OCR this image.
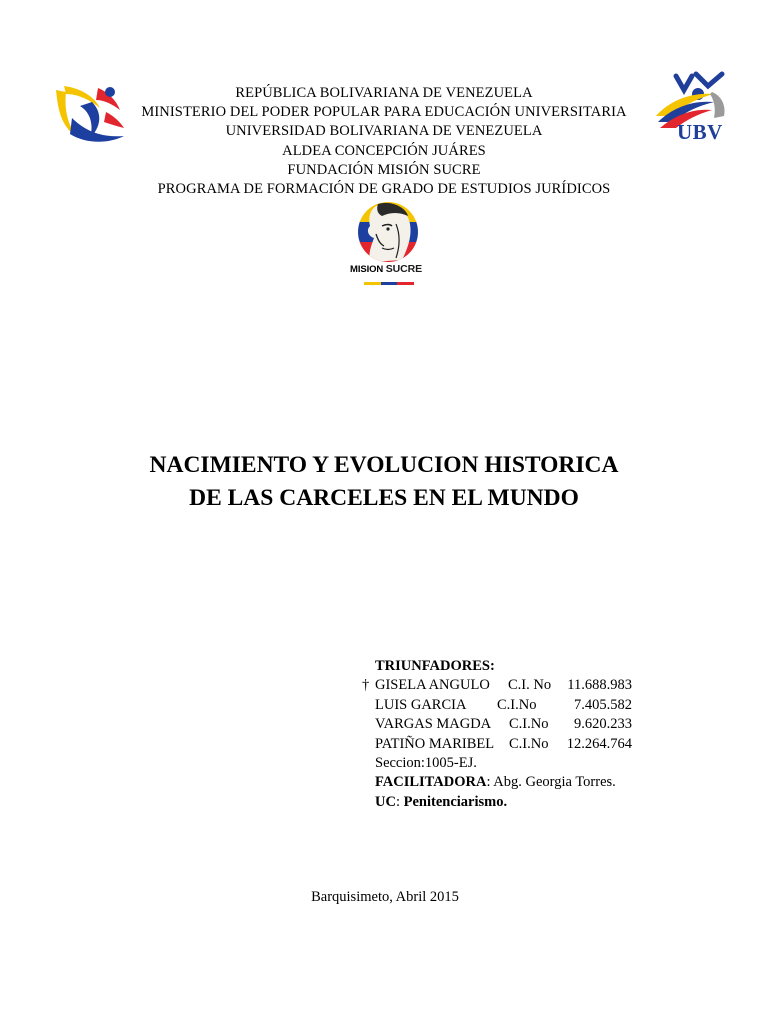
UBV
REPÚBLICA BOLIVARIANA DE VENEZUELA
MINISTERIO DEL PODER POPULAR PARA EDUCACIÓN UNIVERSITARIA
UNIVERSIDAD BOLIVARIANA DE VENEZUELA
ALDEA CONCEPCIÓN JUÁRES
FUNDACIÓN MISIÓN SUCRE
PROGRAMA DE FORMACIÓN DE GRADO DE ESTUDIOS JURÍDICOS
MISION SUCRE
NACIMIENTO Y EVOLUCION HISTORICA
DE LAS CARCELES EN EL MUNDO
TRIUNFADORES:
† GISELA ANGULO C.I. No	11.688.983
LUIS GARCIA C.I.No	7.405.582
VARGAS MAGDA C.I.No	9.620.233
PATIÑO MARIBEL C.I.No	12.264.764
Seccion:1005-EJ.
FACILITADORA: Abg. Georgia Torres.
UC: Penitenciarismo.
Barquisimeto, Abril 2015
